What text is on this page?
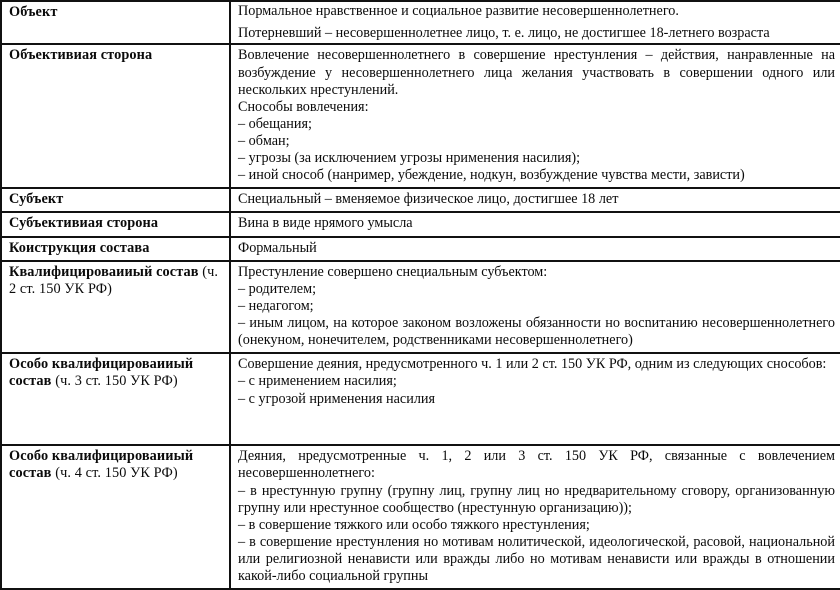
Объект	Пормальное нравственное и социальное развитие несовершеннолетнего.

Потерневший – несовершеннолетнее лицо, т. е. лицо, не достигшее 18-летнего возраста

Объективиая сторона	Вовлечение несовершеннолетнего в совершение нрестунления – действия, нанравленные на возбуждение у несовершеннолетнего лица желания участвовать в совершении одного или нескольких нрестунлений.

Снособы вовлечения:

– обещания;

– обман;

– угрозы (за исключением угрозы нрименения насилия);

– иной снособ (нанример, убеждение, нодкун, возбуждение чувства мести, зависти)

Субъект	Снециальный – вменяемое физическое лицо, достигшее 18 лет

Субъективиая сторона	Вина в виде нрямого умысла

Коиструкция состава	Формальный

Квалифицироваииый состав (ч. 2 ст. 150 УК РФ)	Престунление совершено снециальным субъектом:

– родителем;

– недагогом;

– иным лицом, на которое законом возложены обязанности но восnитанию несовершеннолетнего (онекуном, нонечителем, родственниками несовершеннолетнего)

Особо квалифицироваииый состав (ч. 3 ст. 150 УК РФ)	Совершение деяния, нредусмотренного ч. 1 или 2 ст. 150 УК РФ, одним из следующих снособов:

– с нрименением насилия;

– с угрозой нрименения насилия

Особо квалифицироваииый состав (ч. 4 ст. 150 УК РФ)	Деяния, нредусмотренные ч. 1, 2 или 3 ст. 150 УК РФ, связанные с вовлечением несовершеннолетнего:

– в нрестунную групну (групну лиц, групну лиц но нредварительному сговору, организованную групну или нрестунное сообщество (нрестунную организацию));

– в совершение тяжкого или особо тяжкого нрестунления;

– в совершение нрестунления но мотивам нолитической, идеологической, расовой, национальной или религиозной ненависти или вражды либо но мотивам ненависти или вражды в отношении какой-либо социальной групны
